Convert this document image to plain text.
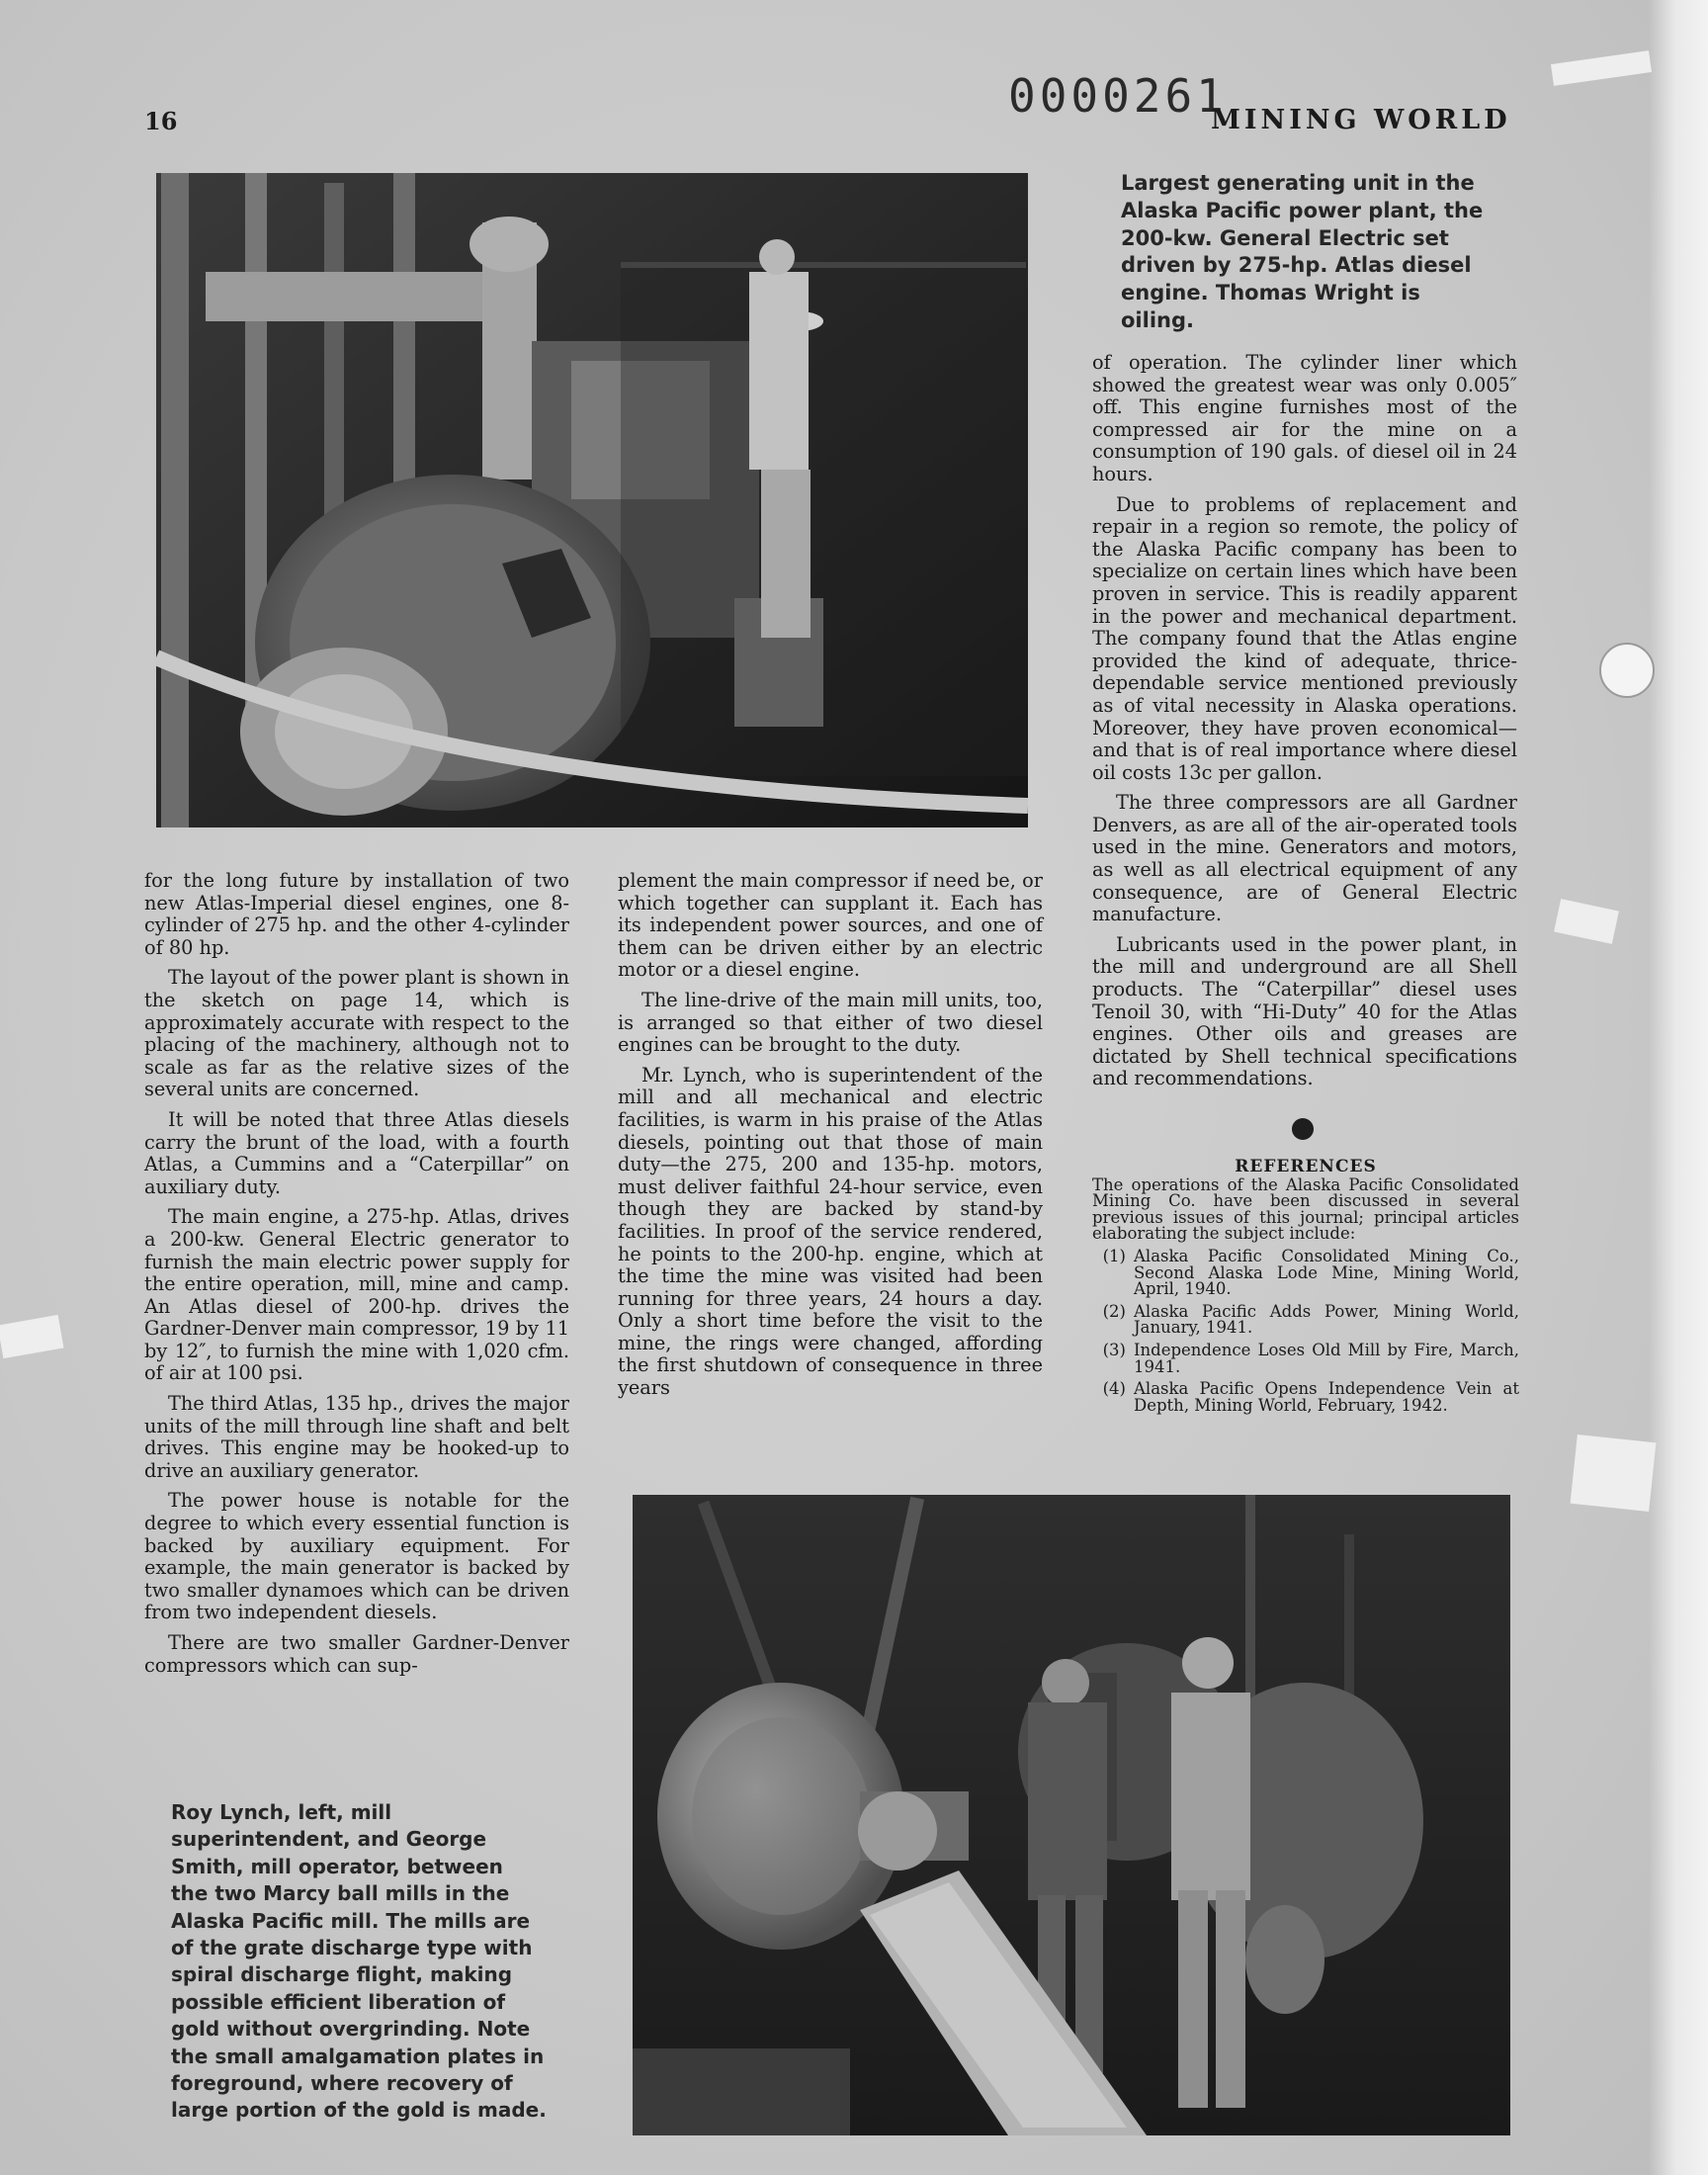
16	0000261
MINING WORLD
Largest generating unit in the Alaska Pacific power plant, the 200-kw. General Electric set driven by 275-hp. Atlas diesel engine. Thomas Wright is oiling.

for the long future by installation of two new Atlas-Imperial diesel engines, one 8-cylinder of 275 hp. and the other 4-cylinder of 80 hp.

The layout of the power plant is shown in the sketch on page 14, which is approximately accurate with respect to the placing of the machinery, although not to scale as far as the relative sizes of the several units are concerned.

It will be noted that three Atlas diesels carry the brunt of the load, with a fourth Atlas, a Cummins and a “Caterpillar” on auxiliary duty.

The main engine, a 275-hp. Atlas, drives a 200-kw. General Electric generator to furnish the main electric power supply for the entire operation, mill, mine and camp. An Atlas diesel of 200-hp. drives the Gardner-Denver main compressor, 19 by 11 by 12″, to furnish the mine with 1,020 cfm. of air at 100 psi.

The third Atlas, 135 hp., drives the major units of the mill through line shaft and belt drives. This engine may be hooked-up to drive an auxiliary generator.

The power house is notable for the degree to which every essential function is backed by auxiliary equipment. For example, the main generator is backed by two smaller dynamoes which can be driven from two independent diesels.

There are two smaller Gardner-Denver compressors which can sup-

plement the main compressor if need be, or which together can supplant it. Each has its independent power sources, and one of them can be driven either by an electric motor or a diesel engine.

The line-drive of the main mill units, too, is arranged so that either of two diesel engines can be brought to the duty.

Mr. Lynch, who is superintendent of the mill and all mechanical and electric facilities, is warm in his praise of the Atlas diesels, pointing out that those of main duty—the 275, 200 and 135-hp. motors, must deliver faithful 24-hour service, even though they are backed by stand-by facilities. In proof of the service rendered, he points to the 200-hp. engine, which at the time the mine was visited had been running for three years, 24 hours a day. Only a short time before the visit to the mine, the rings were changed, affording the first shutdown of consequence in three years

of operation. The cylinder liner which showed the greatest wear was only 0.005″ off. This engine furnishes most of the compressed air for the mine on a consumption of 190 gals. of diesel oil in 24 hours.

Due to problems of replacement and repair in a region so remote, the policy of the Alaska Pacific company has been to specialize on certain lines which have been proven in service. This is readily apparent in the power and mechanical department. The company found that the Atlas engine provided the kind of adequate, thrice-dependable service mentioned previously as of vital necessity in Alaska operations. Moreover, they have proven economical—and that is of real importance where diesel oil costs 13c per gallon.

The three compressors are all Gardner Denvers, as are all of the air-operated tools used in the mine. Generators and motors, as well as all electrical equipment of any consequence, are of General Electric manufacture.

Lubricants used in the power plant, in the mill and underground are all Shell products. The “Caterpillar” diesel uses Tenoil 30, with “Hi-Duty” 40 for the Atlas engines. Other oils and greases are dictated by Shell technical specifications and recommendations.

REFERENCES
The operations of the Alaska Pacific Consolidated Mining Co. have been discussed in several previous issues of this journal; principal articles elaborating the subject include:
(1) Alaska Pacific Consolidated Mining Co., Second Alaska Lode Mine, Mining World, April, 1940.
(2) Alaska Pacific Adds Power, Mining World, January, 1941.
(3) Independence Loses Old Mill by Fire, March, 1941.
(4) Alaska Pacific Opens Independence Vein at Depth, Mining World, February, 1942.
Roy Lynch, left, mill superintendent, and George Smith, mill operator, between the two Marcy ball mills in the Alaska Pacific mill. The mills are of the grate discharge type with spiral discharge flight, making possible efficient liberation of gold without overgrinding. Note the small amalgamation plates in foreground, where recovery of large portion of the gold is made.
